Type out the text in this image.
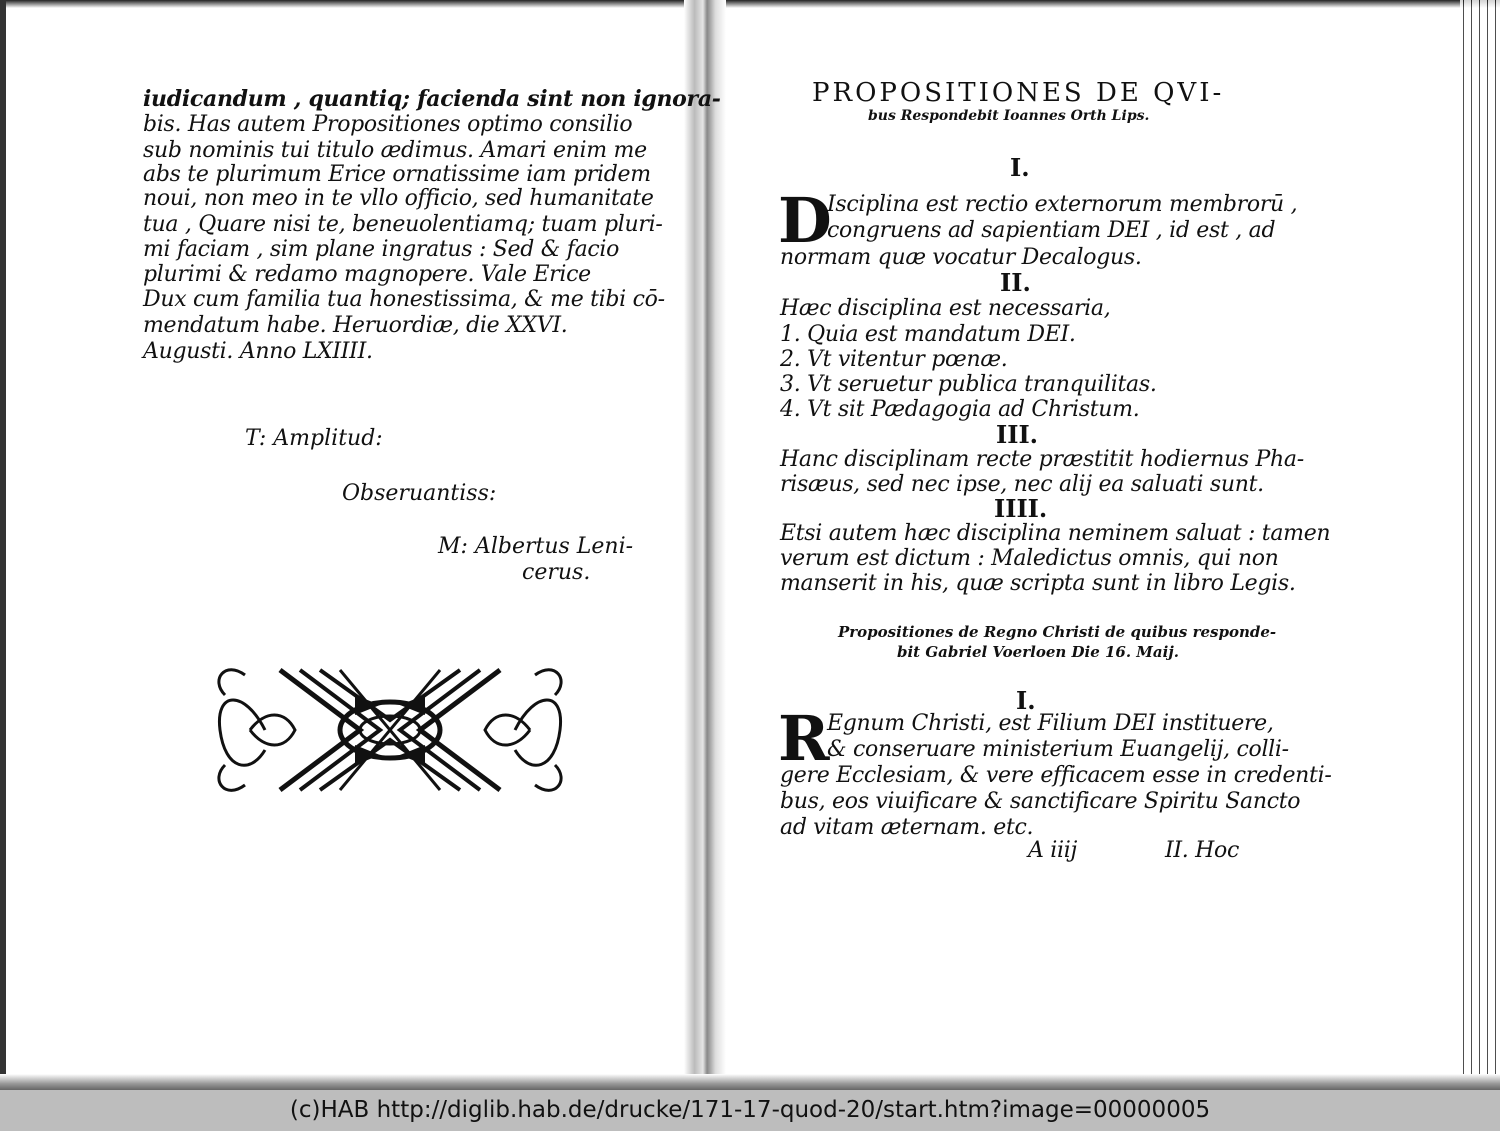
iudicandum , quantiq; facienda sint non ignora-
bis. Has autem Propositiones optimo consilio
sub nominis tui titulo ædimus. Amari enim me
abs te plurimum Erice ornatissime iam pridem
noui, non meo in te vllo officio, sed humanitate
tua , Quare nisi te, beneuolentiamq; tuam pluri-
mi faciam , sim plane ingratus : Sed & facio
plurimi & redamo magnopere. Vale Erice
Dux cum familia tua honestissima, & me tibi cō-
mendatum habe. Heruordiæ, die XXVI.
Augusti. Anno LXIIII.
T: Amplitud:
Obseruantiss:
M: Albertus Leni-
cerus.
PROPOSITIONES DE QVI-
bus Respondebit Ioannes Orth Lips.
I.
D
Isciplina est rectio externorum membrorū ,
congruens ad sapientiam DEI , id est , ad
normam quæ vocatur Decalogus.
II.
Hæc disciplina est necessaria,
1. Quia est mandatum DEI.
2. Vt vitentur pœnæ.
3. Vt seruetur publica tranquilitas.
4. Vt sit Pædagogia ad Christum.
III.
Hanc disciplinam recte præstitit hodiernus Pha-
risæus, sed nec ipse, nec alij ea saluati sunt.
IIII.
Etsi autem hæc disciplina neminem saluat : tamen
verum est dictum : Maledictus omnis, qui non
manserit in his, quæ scripta sunt in libro Legis.
Propositiones de Regno Christi de quibus responde-
bit Gabriel Voerloen Die 16. Maij.
I.
R
Egnum Christi, est Filium DEI instituere,
& conseruare ministerium Euangelij, colli-
gere Ecclesiam, & vere efficacem esse in credenti-
bus, eos viuificare & sanctificare Spiritu Sancto
ad vitam æternam. etc.
A iiij	II. Hoc
(c)HAB http://diglib.hab.de/drucke/171-17-quod-20/start.htm?image=00000005
